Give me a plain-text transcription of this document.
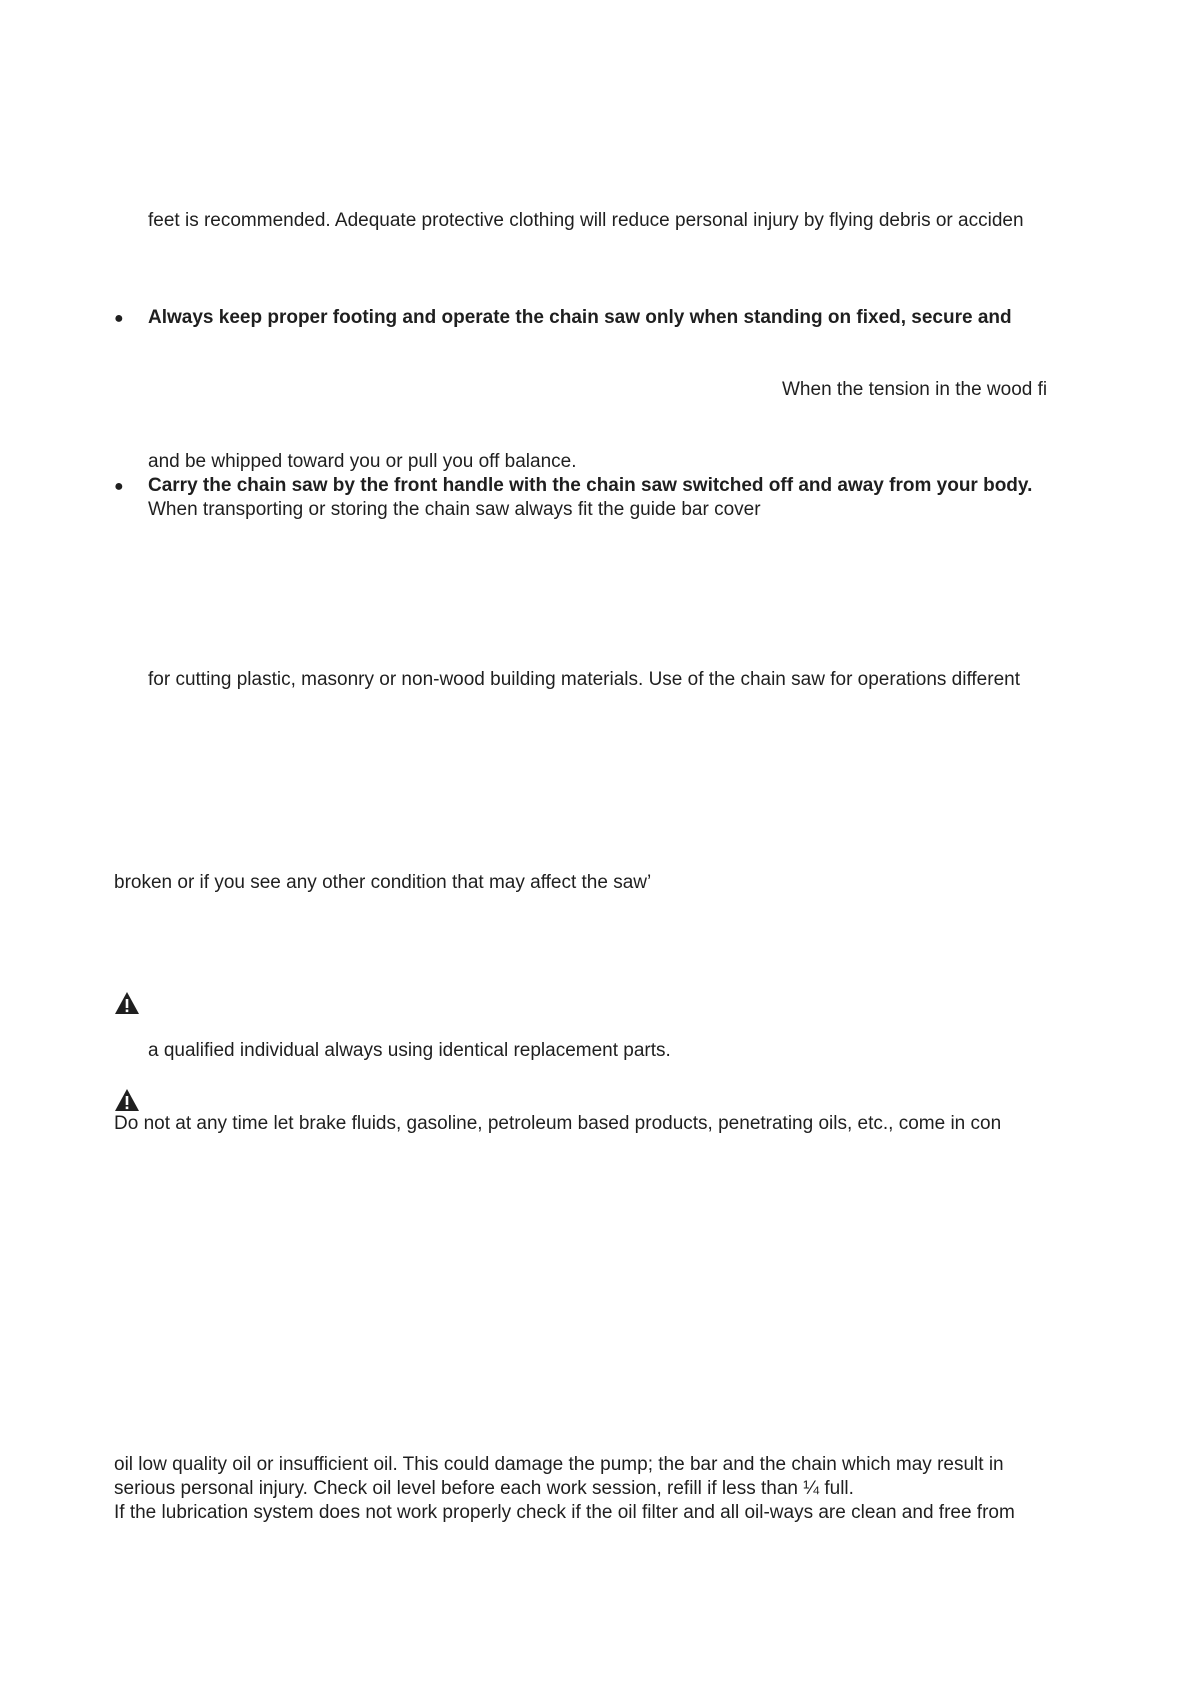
feet is recommended. Adequate protective clothing will reduce personal injury by flying debris or acciden
● Always keep proper footing and operate the chain saw only when standing on fixed, secure and
When the tension in the wood fi
and be whipped toward you or pull you off balance.
● Carry the chain saw by the front handle with the chain saw switched off and away from your body.
When transporting or storing the chain saw always fit the guide bar cover
for cutting plastic, masonry or non-wood building materials. Use of the chain saw for operations different
broken or if you see any other condition that may affect the saw’
a qualified individual always using identical replacement parts.
Do not at any time let brake fluids, gasoline, petroleum based products, penetrating oils, etc., come in con
oil low quality oil or insufficient oil. This could damage the pump; the bar and the chain which may result in
serious personal injury. Check oil level before each work session, refill if less than ¼ full.
If the lubrication system does not work properly check if the oil filter and all oil-ways are clean and free from
